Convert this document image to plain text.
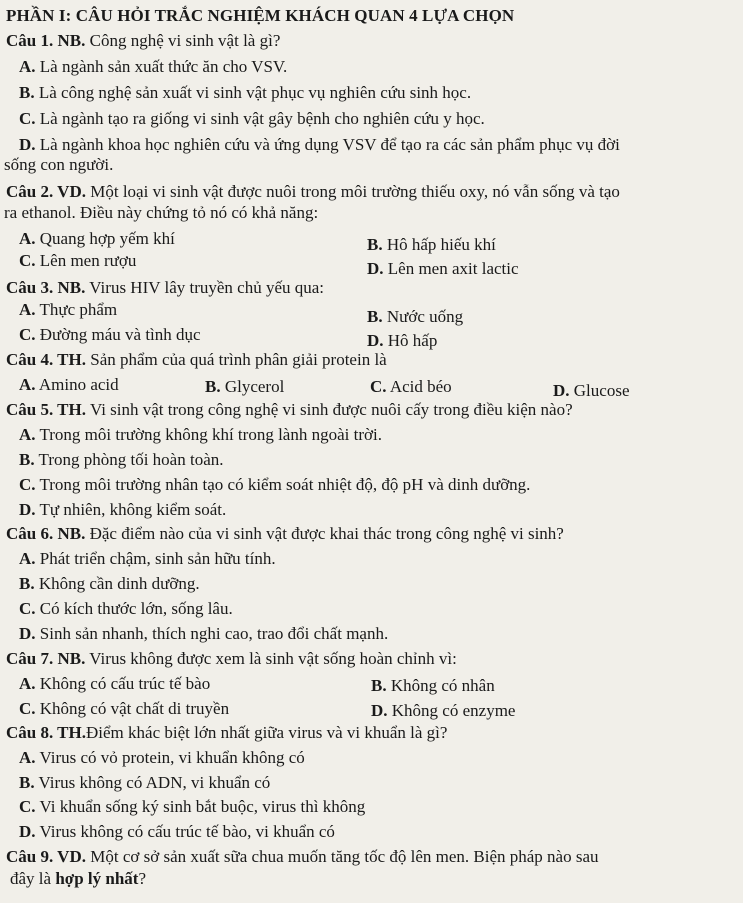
PHẦN I: CÂU HỎI TRẮC NGHIỆM KHÁCH QUAN 4 LỰA CHỌN
Câu 1. NB. Công nghệ vi sinh vật là gì?
A. Là ngành sản xuất thức ăn cho VSV.
B. Là công nghệ sản xuất vi sinh vật phục vụ nghiên cứu sinh học.
C. Là ngành tạo ra giống vi sinh vật gây bệnh cho nghiên cứu y học.
D. Là ngành khoa học nghiên cứu và ứng dụng VSV để tạo ra các sản phẩm phục vụ đời
sống con người.
Câu 2. VD. Một loại vi sinh vật được nuôi trong môi trường thiếu oxy, nó vẫn sống và tạo
ra ethanol. Điều này chứng tỏ nó có khả năng:
A. Quang hợp yếm khí	B. Hô hấp hiếu khí
C. Lên men rượu	D. Lên men axit lactic
Câu 3. NB. Virus HIV lây truyền chủ yếu qua:
A. Thực phẩm	B. Nước uống
C. Đường máu và tình dục	D. Hô hấp
Câu 4. TH. Sản phẩm của quá trình phân giải protein là
A. Amino acid	B. Glycerol	C. Acid béo	D. Glucose
Câu 5. TH. Vi sinh vật trong công nghệ vi sinh được nuôi cấy trong điều kiện nào?
A. Trong môi trường không khí trong lành ngoài trời.
B. Trong phòng tối hoàn toàn.
C. Trong môi trường nhân tạo có kiểm soát nhiệt độ, độ pH và dinh dưỡng.
D. Tự nhiên, không kiểm soát.
Câu 6. NB. Đặc điểm nào của vi sinh vật được khai thác trong công nghệ vi sinh?
A. Phát triển chậm, sinh sản hữu tính.
B. Không cần dinh dưỡng.
C. Có kích thước lớn, sống lâu.
D. Sinh sản nhanh, thích nghi cao, trao đổi chất mạnh.
Câu 7. NB. Virus không được xem là sinh vật sống hoàn chỉnh vì:
A. Không có cấu trúc tế bào	B. Không có nhân
C. Không có vật chất di truyền	D. Không có enzyme
Câu 8. TH.Điểm khác biệt lớn nhất giữa virus và vi khuẩn là gì?
A. Virus có vỏ protein, vi khuẩn không có
B. Virus không có ADN, vi khuẩn có
C. Vi khuẩn sống ký sinh bắt buộc, virus thì không
D. Virus không có cấu trúc tế bào, vi khuẩn có
Câu 9. VD. Một cơ sở sản xuất sữa chua muốn tăng tốc độ lên men. Biện pháp nào sau
đây là hợp lý nhất?
